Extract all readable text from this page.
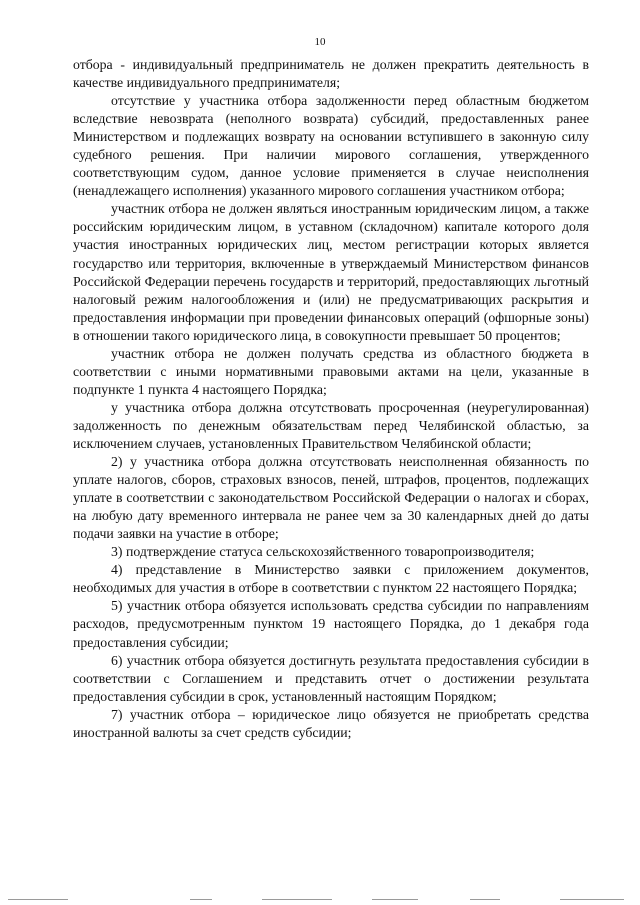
10

отбора - индивидуальный предприниматель не должен прекратить деятельность в качестве индивидуального предпринимателя;

отсутствие у участника отбора задолженности перед областным бюджетом вследствие невозврата (неполного возврата) субсидий, предоставленных ранее Министерством и подлежащих возврату на основании вступившего в законную силу судебного решения. При наличии мирового соглашения, утвержденного соответствующим судом, данное условие применяется в случае неисполнения (ненадлежащего исполнения) указанного мирового соглашения участником отбора;

участник отбора не должен являться иностранным юридическим лицом, а также российским юридическим лицом, в уставном (складочном) капитале которого доля участия иностранных юридических лиц, местом регистрации которых является государство или территория, включенные в утверждаемый Министерством финансов Российской Федерации перечень государств и территорий, предоставляющих льготный налоговый режим налогообложения и (или) не предусматривающих раскрытия и предоставления информации при проведении финансовых операций (офшорные зоны) в отношении такого юридического лица, в совокупности превышает 50 процентов;

участник отбора не должен получать средства из областного бюджета в соответствии с иными нормативными правовыми актами на цели, указанные в подпункте 1 пункта 4 настоящего Порядка;

у участника отбора должна отсутствовать просроченная (неурегулированная) задолженность по денежным обязательствам перед Челябинской областью, за исключением случаев, установленных Правительством Челябинской области;

2) у участника отбора должна отсутствовать неисполненная обязанность по уплате налогов, сборов, страховых взносов, пеней, штрафов, процентов, подлежащих уплате в соответствии с законодательством Российской Федерации о налогах и сборах, на любую дату временного интервала не ранее чем за 30 календарных дней до даты подачи заявки на участие в отборе;

3) подтверждение статуса сельскохозяйственного товаропроизводителя;

4) представление в Министерство заявки с приложением документов, необходимых для участия в отборе в соответствии с пунктом 22 настоящего Порядка;

5) участник отбора обязуется использовать средства субсидии по направлениям расходов, предусмотренным пунктом 19 настоящего Порядка, до 1 декабря года предоставления субсидии;

6) участник отбора обязуется достигнуть результата предоставления субсидии в соответствии с Соглашением и представить отчет о достижении результата предоставления субсидии в срок, установленный настоящим Порядком;

7) участник отбора – юридическое лицо обязуется не приобретать средства иностранной валюты за счет средств субсидии;
